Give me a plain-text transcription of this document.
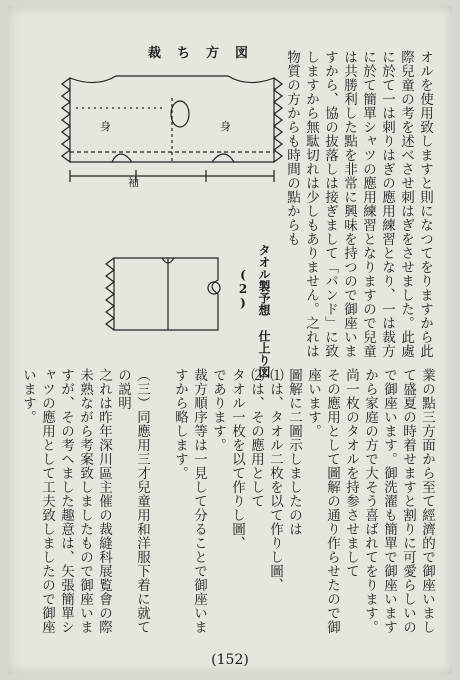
裁ち方図
身	身
袖
タオル製予想 仕上り図
(2)	オルを使用致しますと則になつてをりますから此際兒童の考を述べさせ刺はぎをさせました。此處に於て一は刺りはぎの應用練習となり、一は裁方に於て簡單シャツの應用練習となりますので兒童は共勝利した點を非常に興味を持つので御座いますから、協の抜落しは接ぎまして「パンド」に致しますから無駄切れは少しもありません。之れは物質の方からも時間の點からも
業の點三方面から至て經濟的で御座いまして盛夏の時着せますと割りに可愛らしいので御座います。御洗濯も簡單で御座いますから家庭の方で大そう喜ばれてをります。
尚一枚のタオルを持参させまして
その應用として圖解の通り作らせたので御座います。
圖解に二圖示しましたのは
⑴は、タオル二枚を以て作りし圖、
⑵は、その應用として
タオル一枚を以て作りし圖、
であります。
裁方順序等は一見して分ることで御座いますから略します。

（三）同應用三才兒童用和洋服下着に就ての説明
之れは昨年深川區主催の裁縫科展覧會の際未熟ながら考案致しましたもので御座いますが、その考へました趣意は、矢張簡單シャツの應用として工夫致しましたので御座います。
(152)
